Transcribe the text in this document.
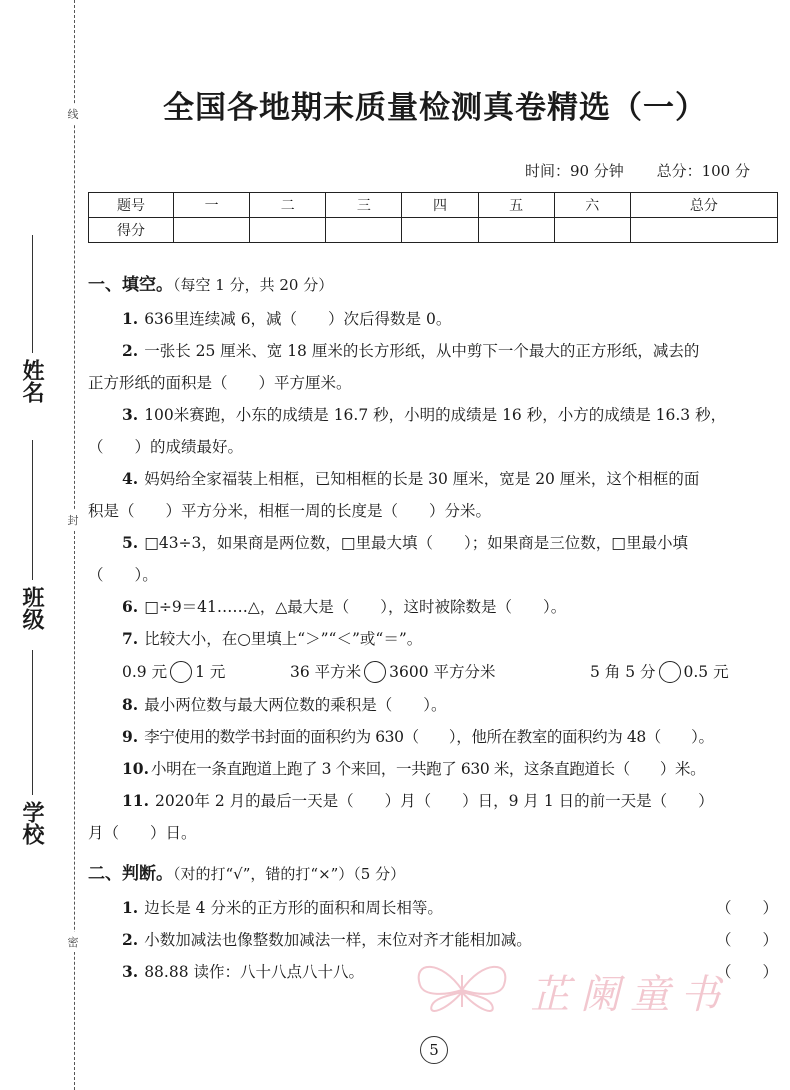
线
封
密
姓名
班级
学校
全国各地期末质量检测真卷精选（一）
时间：90 分钟 总分：100 分
题号	一	二	三	四	五	六	总分
得分							
一、填空。（每空 1 分，共 20 分）
1. 636里连续减 6，减（　　）次后得数是 0。
2. 一张长 25 厘米、宽 18 厘米的长方形纸，从中剪下一个最大的正方形纸，减去的
正方形纸的面积是（　　）平方厘米。
3. 100米赛跑，小东的成绩是 16.7 秒，小明的成绩是 16 秒，小方的成绩是 16.3 秒，
（　　）的成绩最好。
4. 妈妈给全家福装上相框，已知相框的长是 30 厘米，宽是 20 厘米，这个相框的面
积是（　　）平方分米，相框一周的长度是（　　）分米。
5. □43÷3，如果商是两位数，□里最大填（　　）；如果商是三位数，□里最小填
（　　）。
6. □÷9＝41……△，△最大是（　　），这时被除数是（　　）。
7. 比较大小，在○里填上“＞”“＜”或“＝”。
0.9 元 1 元	36 平方米 3600 平方分米	5 角 5 分 0.5 元
8. 最小两位数与最大两位数的乘积是（　　）。
9. 李宁使用的数学书封面的面积约为 630（　　），他所在教室的面积约为 48（　　）。
10. 小明在一条直跑道上跑了 3 个来回，一共跑了 630 米，这条直跑道长（　　）米。
11. 2020年 2 月的最后一天是（　　）月（　　）日，9 月 1 日的前一天是（　　）
月（　　）日。
二、判断。（对的打“√”，错的打“×”）（5 分）
1. 边长是 4 分米的正方形的面积和周长相等。	（　　）
2. 小数加减法也像整数加减法一样，末位对齐才能相加减。	（　　）
3. 88.88 读作：八十八点八十八。	（　　）
芷阑童书
5
